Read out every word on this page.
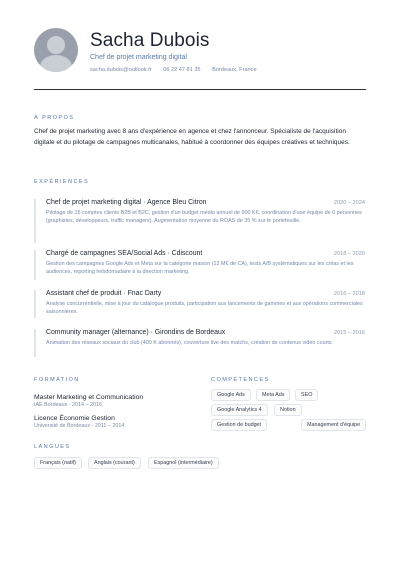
Sacha Dubois
Chef de projet marketing digital
sacha.dubois@outlook.fr 06 22 47 81 35 Bordeaux, France
À PROPOS
Chef de projet marketing avec 8 ans d'expérience en agence et chez l'annonceur. Spécialiste de l'acquisition digitale et du pilotage de campagnes multicanales, habitué à coordonner des équipes créatives et techniques.
EXPÉRIENCES
Chef de projet marketing digital · Agence Bleu Citron	2020 – 2024
Pilotage de 15 comptes clients B2B et B2C, gestion d'un budget média annuel de 900 K€, coordination d'une équipe de 6 personnes (graphistes, développeurs, traffic managers). Augmentation moyenne du ROAS de 35 % sur le portefeuille.
Chargé de campagnes SEA/Social Ads · Cdiscount	2018 – 2020
Gestion des campagnes Google Ads et Meta sur la catégorie maison (12 M€ de CA), tests A/B systématiques sur les créas et les audiences, reporting hebdomadaire à la direction marketing.
Assistant chef de produit · Fnac Darty	2016 – 2018
Analyse concurrentielle, mise à jour du catalogue produits, participation aux lancements de gammes et aux opérations commerciales saisonnières.
Community manager (alternance) · Girondins de Bordeaux	2015 – 2016
Animation des réseaux sociaux du club (400 K abonnés), couverture live des matchs, création de contenus vidéo courts.
FORMATION
Master Marketing et Communication
IAE Bordeaux · 2014 – 2016
Licence Économie Gestion
Université de Bordeaux · 2011 – 2014
COMPÉTENCES
Google Ads	Meta Ads	SEO
Google Analytics 4	Notion
Gestion de budget	Management d'équipe
LANGUES
Français (natif)	Anglais (courant)	Espagnol (intermédiaire)
